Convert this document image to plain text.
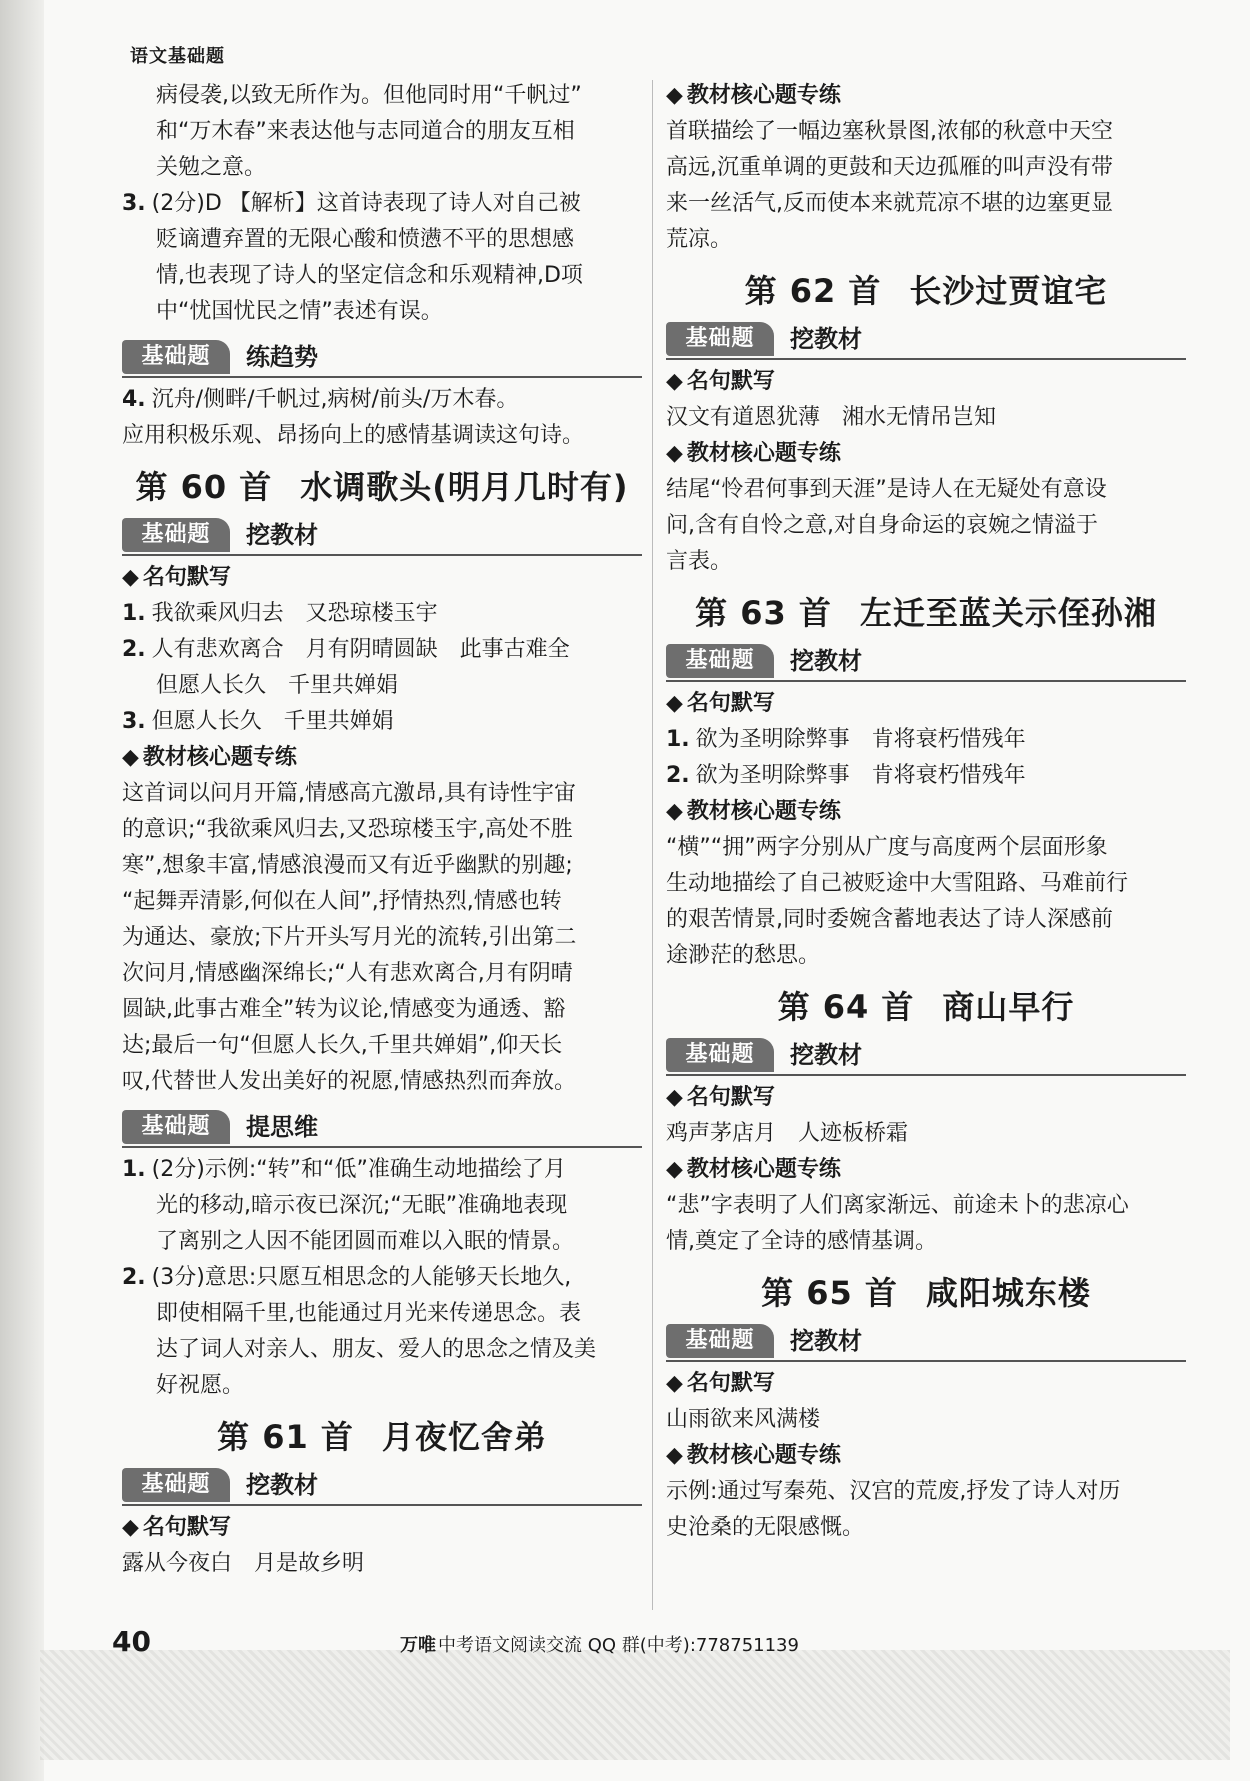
语文基础题

病侵袭,以致无所作为。但他同时用“千帆过”

和“万木春”来表达他与志同道合的朋友互相

关勉之意。

3. (2分)D 【解析】这首诗表现了诗人对自己被

贬谪遭弃置的无限心酸和愤懑不平的思想感

情,也表现了诗人的坚定信念和乐观精神,D项

中“忧国忧民之情”表述有误。

基础题	练趋势

4. 沉舟/侧畔/千帆过,病树/前头/万木春。

应用积极乐观、昂扬向上的感情基调读这句诗。

第 60 首 水调歌头(明月几时有)
基础题	挖教材

◆ 名句默写

1. 我欲乘风归去　又恐琼楼玉宇

2. 人有悲欢离合　月有阴晴圆缺　此事古难全

但愿人长久　千里共婵娟

3. 但愿人长久　千里共婵娟

◆ 教材核心题专练

这首词以问月开篇,情感高亢激昂,具有诗性宇宙

的意识;“我欲乘风归去,又恐琼楼玉宇,高处不胜

寒”,想象丰富,情感浪漫而又有近乎幽默的别趣;

“起舞弄清影,何似在人间”,抒情热烈,情感也转

为通达、豪放;下片开头写月光的流转,引出第二

次问月,情感幽深绵长;“人有悲欢离合,月有阴晴

圆缺,此事古难全”转为议论,情感变为通透、豁

达;最后一句“但愿人长久,千里共婵娟”,仰天长

叹,代替世人发出美好的祝愿,情感热烈而奔放。

基础题	提思维

1. (2分)示例:“转”和“低”准确生动地描绘了月

光的移动,暗示夜已深沉;“无眠”准确地表现

了离别之人因不能团圆而难以入眠的情景。

2. (3分)意思:只愿互相思念的人能够天长地久,

即使相隔千里,也能通过月光来传递思念。表

达了词人对亲人、朋友、爱人的思念之情及美

好祝愿。

第 61 首 月夜忆舍弟
基础题	挖教材

◆ 名句默写

露从今夜白　月是故乡明

◆ 教材核心题专练

首联描绘了一幅边塞秋景图,浓郁的秋意中天空

高远,沉重单调的更鼓和天边孤雁的叫声没有带

来一丝活气,反而使本来就荒凉不堪的边塞更显

荒凉。

第 62 首 长沙过贾谊宅
基础题	挖教材

◆ 名句默写

汉文有道恩犹薄　湘水无情吊岂知

◆ 教材核心题专练

结尾“怜君何事到天涯”是诗人在无疑处有意设

问,含有自怜之意,对自身命运的哀婉之情溢于

言表。

第 63 首 左迁至蓝关示侄孙湘
基础题	挖教材

◆ 名句默写

1. 欲为圣明除弊事　肯将衰朽惜残年

2. 欲为圣明除弊事　肯将衰朽惜残年

◆ 教材核心题专练

“横”“拥”两字分别从广度与高度两个层面形象

生动地描绘了自己被贬途中大雪阻路、马难前行

的艰苦情景,同时委婉含蓄地表达了诗人深感前

途渺茫的愁思。

第 64 首 商山早行
基础题	挖教材

◆ 名句默写

鸡声茅店月　人迹板桥霜

◆ 教材核心题专练

“悲”字表明了人们离家渐远、前途未卜的悲凉心

情,奠定了全诗的感情基调。

第 65 首 咸阳城东楼
基础题	挖教材

◆ 名句默写

山雨欲来风满楼

◆ 教材核心题专练

示例:通过写秦苑、汉宫的荒废,抒发了诗人对历

史沧桑的无限感慨。

40	万唯 中考语文阅读交流 QQ 群(中考):778751139
